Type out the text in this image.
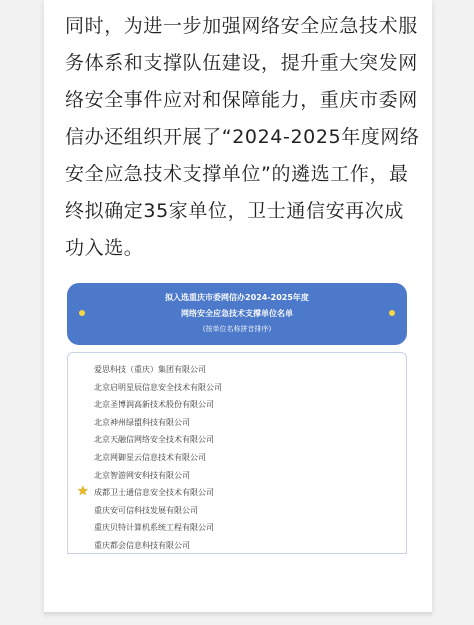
同时，为进一步加强网络安全应急技术服
务体系和支撑队伍建设，提升重大突发网
络安全事件应对和保障能力，重庆市委网
信办还组织开展了“2024-2025年度网络
安全应急技术支撑单位”的遴选工作，最
终拟确定35家单位，卫士通信安再次成
功入选。

拟入选重庆市委网信办2024-2025年度
网络安全应急技术支撑单位名单
(按单位名称拼音排序)
爱思科技（重庆）集团有限公司
北京启明星辰信息安全技术有限公司
北京圣博润高新技术股份有限公司
北京神州绿盟科技有限公司
北京天融信网络安全技术有限公司
北京网御星云信息技术有限公司
北京智游网安科技有限公司
★ 成都卫士通信息安全技术有限公司
重庆安可信科技发展有限公司
重庆贝特计算机系统工程有限公司
重庆都会信息科技有限公司
